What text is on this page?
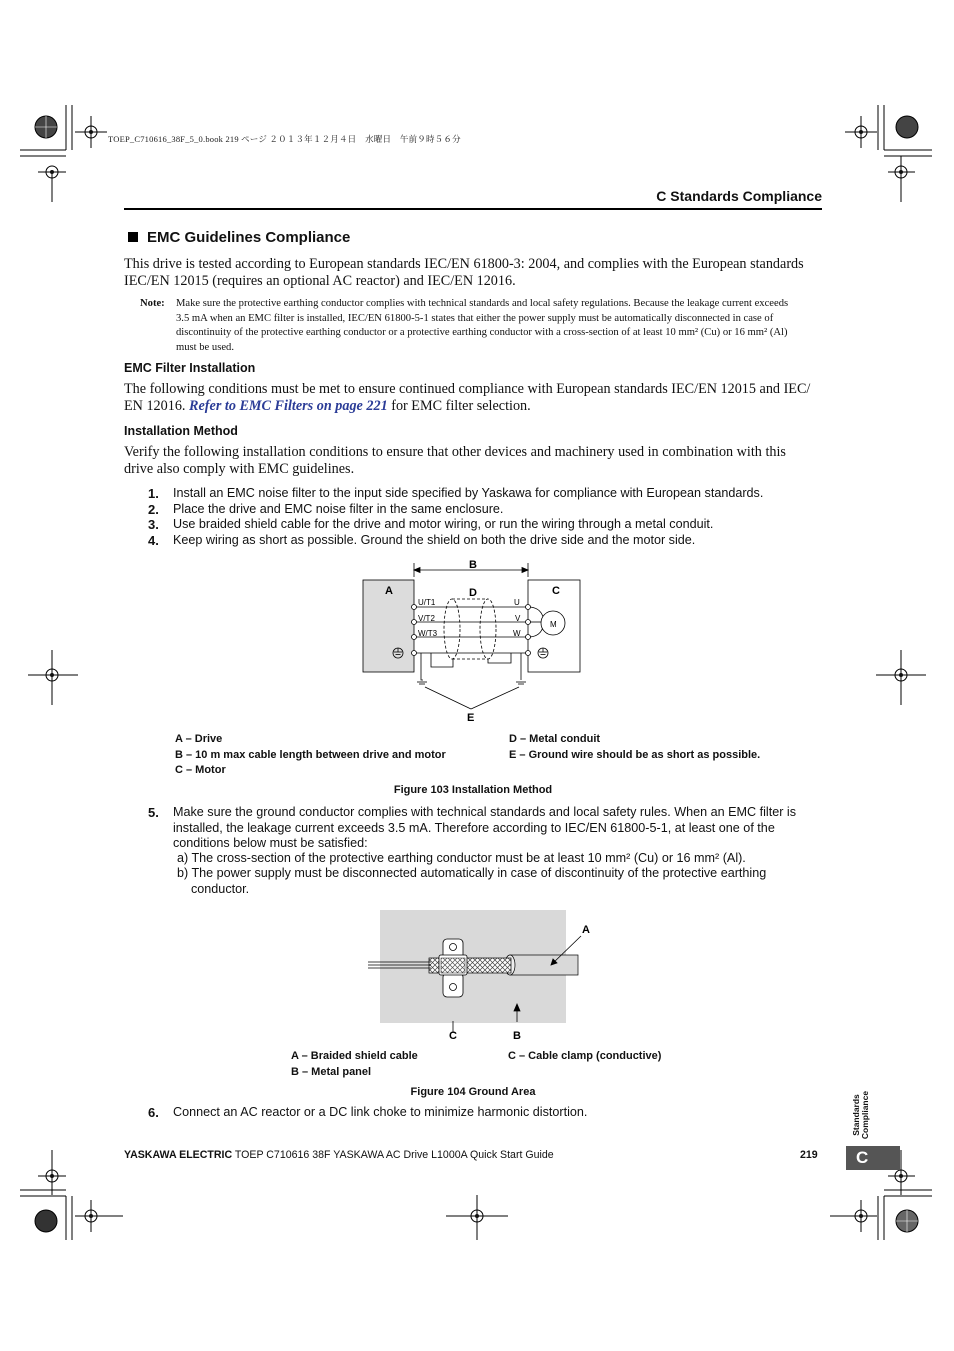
TOEP_C710616_38F_5_0.book 219 ページ ２０１３年１２月４日　水曜日　午前９時５６分
C Standards Compliance
EMC Guidelines Compliance
This drive is tested according to European standards IEC/EN 61800-3: 2004, and complies with the European standards IEC/EN 12015 (requires an optional AC reactor) and IEC/EN 12016.
Note:	Make sure the protective earthing conductor complies with technical standards and local safety regulations. Because the leakage current exceeds 3.5 mA when an EMC filter is installed, IEC/EN 61800-5-1 states that either the power supply must be automatically disconnected in case of discontinuity of the protective earthing conductor or a protective earthing conductor with a cross-section of at least 10 mm² (Cu) or 16 mm² (Al) must be used.
EMC Filter Installation
The following conditions must be met to ensure continued compliance with European standards IEC/EN 12015 and IEC/ EN 12016. Refer to EMC Filters on page 221 for EMC filter selection.
Installation Method
Verify the following installation conditions to ensure that other devices and machinery used in combination with this drive also comply with EMC guidelines.
1.	Install an EMC noise filter to the input side specified by Yaskawa for compliance with European standards.
2.	Place the drive and EMC noise filter in the same enclosure.
3.	Use braided shield cable for the drive and motor wiring, or run the wiring through a metal conduit.
4.	Keep wiring as short as possible. Ground the shield on both the drive side and the motor side.
A
B
C
D
E
M
U/T1
V/T2
W/T3
U
V
W
A – Drive
B – 10 m max cable length between drive and motor
C – Motor
D – Metal conduit
E – Ground wire should be as short as possible.
Figure 103 Installation Method
5.	Make sure the ground conductor complies with technical standards and local safety rules. When an EMC filter is installed, the leakage current exceeds 3.5 mA. Therefore according to IEC/EN 61800-5-1, at least one of the conditions below must be satisfied:
a) The cross-section of the protective earthing conductor must be at least 10 mm² (Cu) or 16 mm² (Al).
b) The power supply must be disconnected automatically in case of discontinuity of the protective earthing conductor.
A
B
C
A – Braided shield cable
B – Metal panel
C – Cable clamp (conductive)
Figure 104 Ground Area
6.	Connect an AC reactor or a DC link choke to minimize harmonic distortion.	Standards Compliance
C
YASKAWA ELECTRIC TOEP C710616 38F YASKAWA AC Drive L1000A Quick Start Guide	219
